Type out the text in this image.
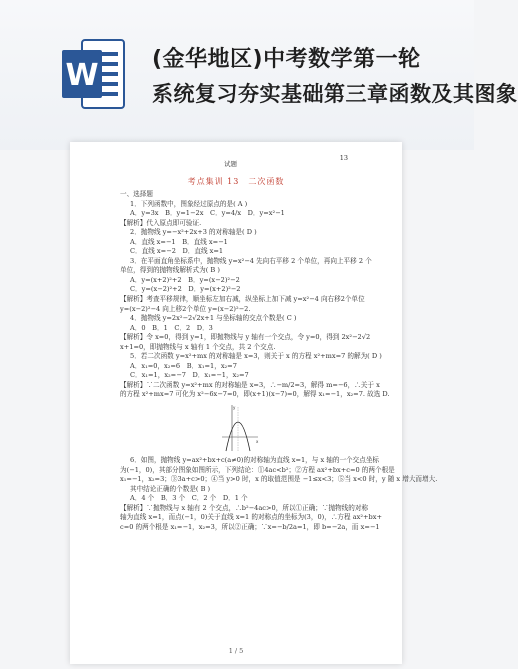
W (金华地区)中考数学第一轮
系统复习夯实基础第三章函数及其图象
试题
13
考点集训 13　二次函数

一、选择题

1．下列函数中，图象经过原点的是( A )

A．y=3x　B．y=1−2x　C．y=4/x　D．y=x²−1

【解析】代入原点即可验证.

2．抛物线 y=−x²+2x+3 的对称轴是( D )

A．直线 x=−1　B．直线 x=−1

C．直线 x=−2　D．直线 x=1

3．在平面直角坐标系中，抛物线 y=x²−4 先向右平移 2 个单位，再向上平移 2 个

单位，得到的抛物线解析式为( B )

A．y=(x+2)²+2　B．y=(x−2)²−2

C．y=(x−2)²+2　D．y=(x+2)²−2

【解析】考查平移规律，顺坐标左加右减，纵坐标上加下减 y=x²−4 向右移2个单位

y=(x−2)²−4 向上移2个单位 y=(x−2)²−2.

4．抛物线 y=2x²−2√2x+1 与坐标轴的交点个数是( C )

A．0　B．1　C．2　D．3

【解析】令 x=0，得到 y=1，即抛物线与 y 轴有一个交点，令 y=0，得到 2x²−2√2

x+1=0，即抛物线与 x 轴有 1 个交点，共 2 个交点.

5．若二次函数 y=x²+mx 的对称轴是 x=3，则关于 x 的方程 x²+mx=7 的解为( D )

A．x₁=0，x₂=6　B．x₁=1，x₂=7

C．x₁=1，x₂=−7　D．x₁=−1，x₂=7

【解析】∵二次函数 y=x²+mx 的对称轴是 x=3，∴−m/2=3，解得 m=−6，∴关于 x

的方程 x²+mx=7 可化为 x²−6x−7=0，即(x+1)(x−7)=0，解得 x₁=−1，x₂=7. 故选 D.

x
y

6．如图，抛物线 y=ax²+bx+c(a≠0)的对称轴为直线 x=1，与 x 轴的一个交点坐标

为(−1，0)，其部分图象如图所示，下列结论：①4ac<b²；②方程 ax²+bx+c=0 的两个根是

x₁=−1，x₂=3；③3a+c>0；④当 y>0 时，x 的取值范围是 −1≤x<3；⑤当 x<0 时，y 随 x 增大而增大.

其中结论正确的个数是( B )

A．4 个　B．3 个　C．2 个　D．1 个

【解析】∵抛物线与 x 轴有 2 个交点，∴b²−4ac>0，所以①正确；∵抛物线的对称

轴为直线 x=1，而点(−1，0)关于直线 x=1 的对称点的坐标为(3，0)，∴方程 ax²+bx+

c=0 的两个根是 x₁=−1，x₂=3，所以②正确；∵x=−b/2a=1，即 b=−2a，而 x=−1

1 / 5
